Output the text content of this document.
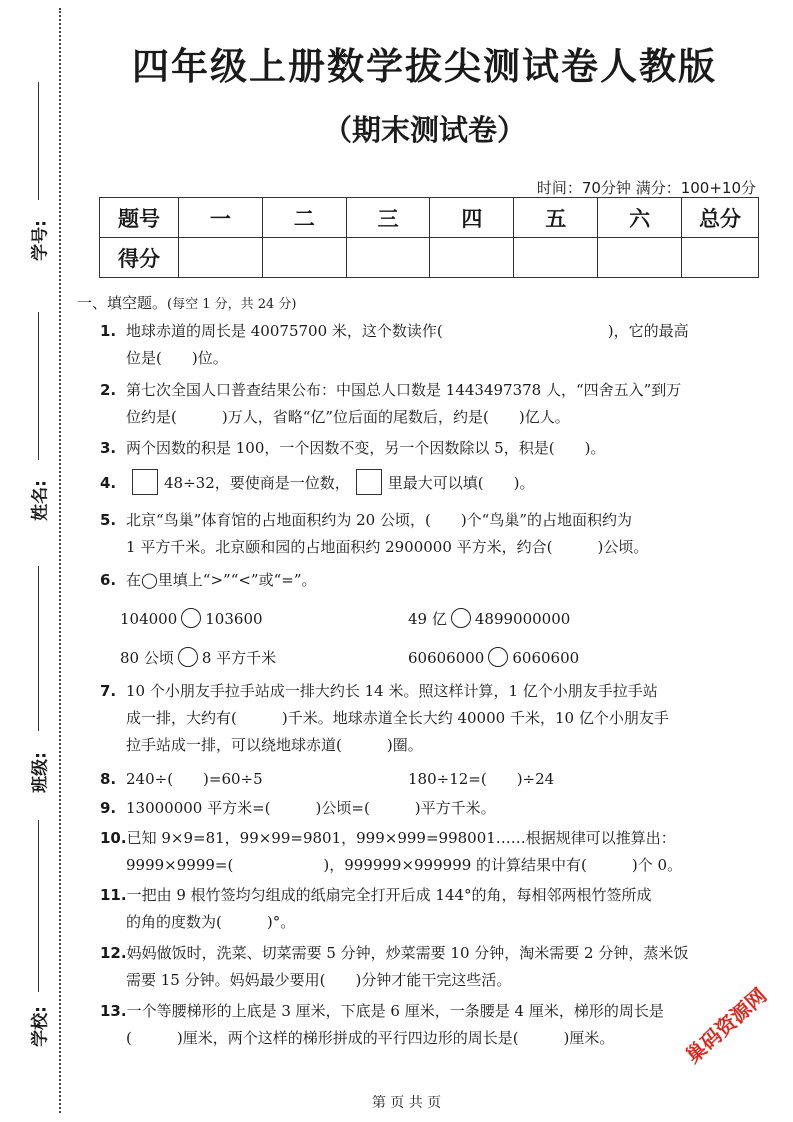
学号:
姓名:
班级:
学校:
四年级上册数学拔尖测试卷人教版
（期末测试卷）
时间：70分钟 满分：100+10分
题号	一	二	三	四	五	六	总分
得分							
一、填空题。(每空 1 分，共 24 分)
1. 地球赤道的周长是 40075700 米，这个数读作(　　　　　　　　　　　)，它的最高
位是(　　)位。
2. 第七次全国人口普查结果公布：中国总人口数是 1443497378 人，“四舍五入”到万
位约是(　　　)万人，省略“亿”位后面的尾数后，约是(　　)亿人。
3. 两个因数的积是 100，一个因数不变，另一个因数除以 5，积是(　　)。
4.	48÷32，要使商是一位数，	里最大可以填(　　)。
5. 北京“鸟巢”体育馆的占地面积约为 20 公顷，(　　)个“鸟巢”的占地面积约为
1 平方千米。北京颐和园的占地面积约 2900000 平方米，约合(　　　)公顷。
6. 在◯里填上“>”“<”或“=”。
104000 103600	49 亿 4899000000
80 公顷 8 平方千米	60606000 6060600
7. 10 个小朋友手拉手站成一排大约长 14 米。照这样计算，1 亿个小朋友手拉手站
成一排，大约有(　　　)千米。地球赤道全长大约 40000 千米，10 亿个小朋友手
拉手站成一排，可以绕地球赤道(　　　)圈。
8. 240÷(　　)=60÷5	180÷12=(　　)÷24
9. 13000000 平方米=(　　　)公顷=(　　　)平方千米。
10.已知 9×9=81，99×99=9801，999×999=998001……根据规律可以推算出：
9999×9999=(　　　　　　)，999999×999999 的计算结果中有(　　　)个 0。
11.一把由 9 根竹签均匀组成的纸扇完全打开后成 144°的角，每相邻两根竹签所成
的角的度数为(　　　)°。
12.妈妈做饭时，洗菜、切菜需要 5 分钟，炒菜需要 10 分钟，淘米需要 2 分钟，蒸米饭
需要 15 分钟。妈妈最少要用(　　)分钟才能干完这些活。
13.一个等腰梯形的上底是 3 厘米，下底是 6 厘米，一条腰是 4 厘米，梯形的周长是
(　　　)厘米，两个这样的梯形拼成的平行四边形的周长是(　　　)厘米。
第 页 共 页
巢码资源网
